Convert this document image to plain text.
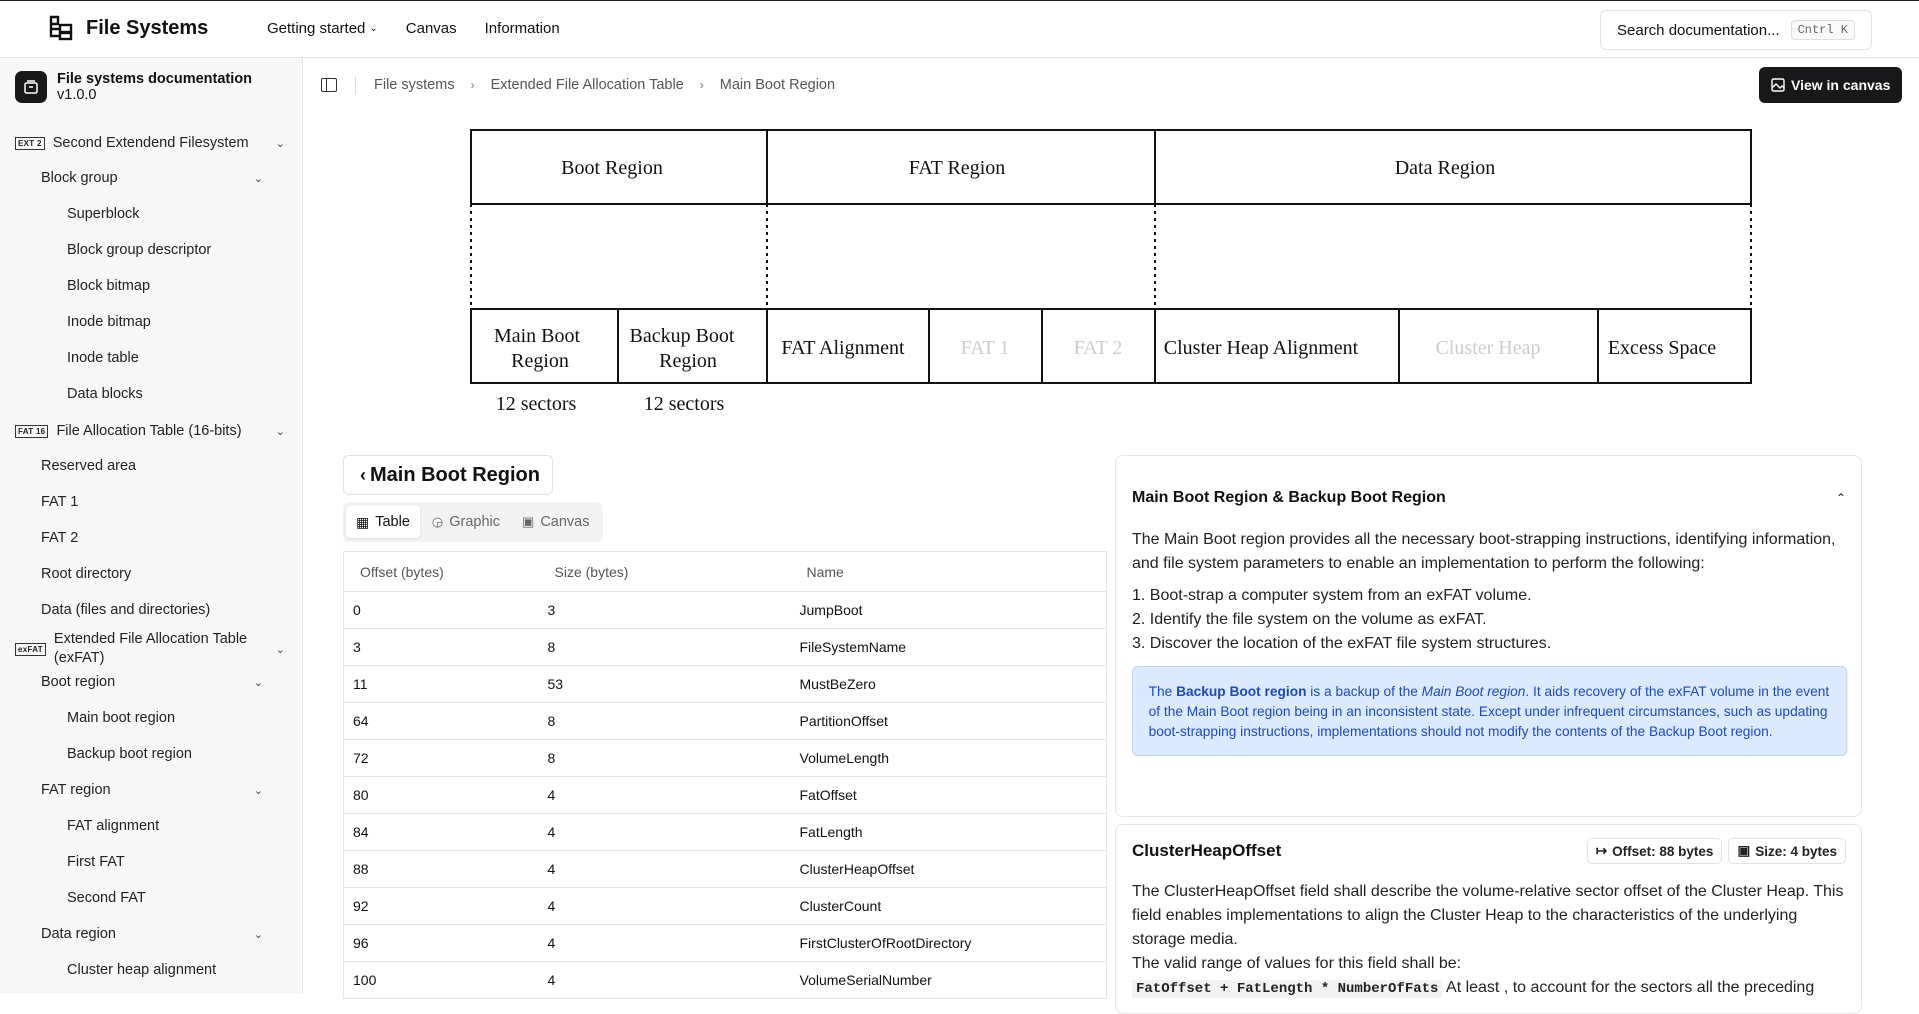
File Systems	Getting started ⌄ Canvas Information	Search documentation...	Cntrl K
File systems documentation
v1.0.0
EXT 2 Second Extendend Filesystem ⌄
Block group	⌄
Superblock
Block group descriptor
Block bitmap
Inode bitmap
Inode table
Data blocks
FAT 16 File Allocation Table (16-bits)	⌄
Reserved area
FAT 1
FAT 2
Root directory
Data (files and directories)
exFAT
Extended File Allocation Table
(exFAT)
⌄
Boot region	⌄
Main boot region
Backup boot region
FAT region	⌄
FAT alignment
First FAT
Second FAT
Data region	⌄
Cluster heap alignment
File systems › Extended File Allocation Table › Main Boot Region	View in canvas
Boot Region	FAT Region	Data Region
Main Boot
Region
Backup Boot
Region
FAT Alignment	FAT 1	FAT 2 Cluster Heap Alignment	Cluster Heap	Excess Space
12 sectors	12 sectors
‹ Main Boot Region
▦ Table ◶ Graphic ▣ Canvas
Offset (bytes)	Size (bytes)	Name
0	3	JumpBoot
3	8	FileSystemName
11	53	MustBeZero
64	8	PartitionOffset
72	8	VolumeLength
80	4	FatOffset
84	4	FatLength
88	4	ClusterHeapOffset
92	4	ClusterCount
96	4	FirstClusterOfRootDirectory
100	4	VolumeSerialNumber
Main Boot Region & Backup Boot Region	⌃
The Main Boot region provides all the necessary boot-strapping instructions, identifying information, and file system parameters to enable an implementation to perform the following:
1. Boot-strap a computer system from an exFAT volume.
2. Identify the file system on the volume as exFAT.
3. Discover the location of the exFAT file system structures.
The Backup Boot region is a backup of the Main Boot region. It aids recovery of the exFAT volume in the event of the Main Boot region being in an inconsistent state. Except under infrequent circumstances, such as updating boot-strapping instructions, implementations should not modify the contents of the Backup Boot region.
ClusterHeapOffset	↦ Offset: 88 bytes ▣ Size: 4 bytes
The ClusterHeapOffset field shall describe the volume-relative sector offset of the Cluster Heap. This field enables implementations to align the Cluster Heap to the characteristics of the underlying storage media.
The valid range of values for this field shall be:
FatOffset + FatLength * NumberOfFats At least , to account for the sectors all the preceding
